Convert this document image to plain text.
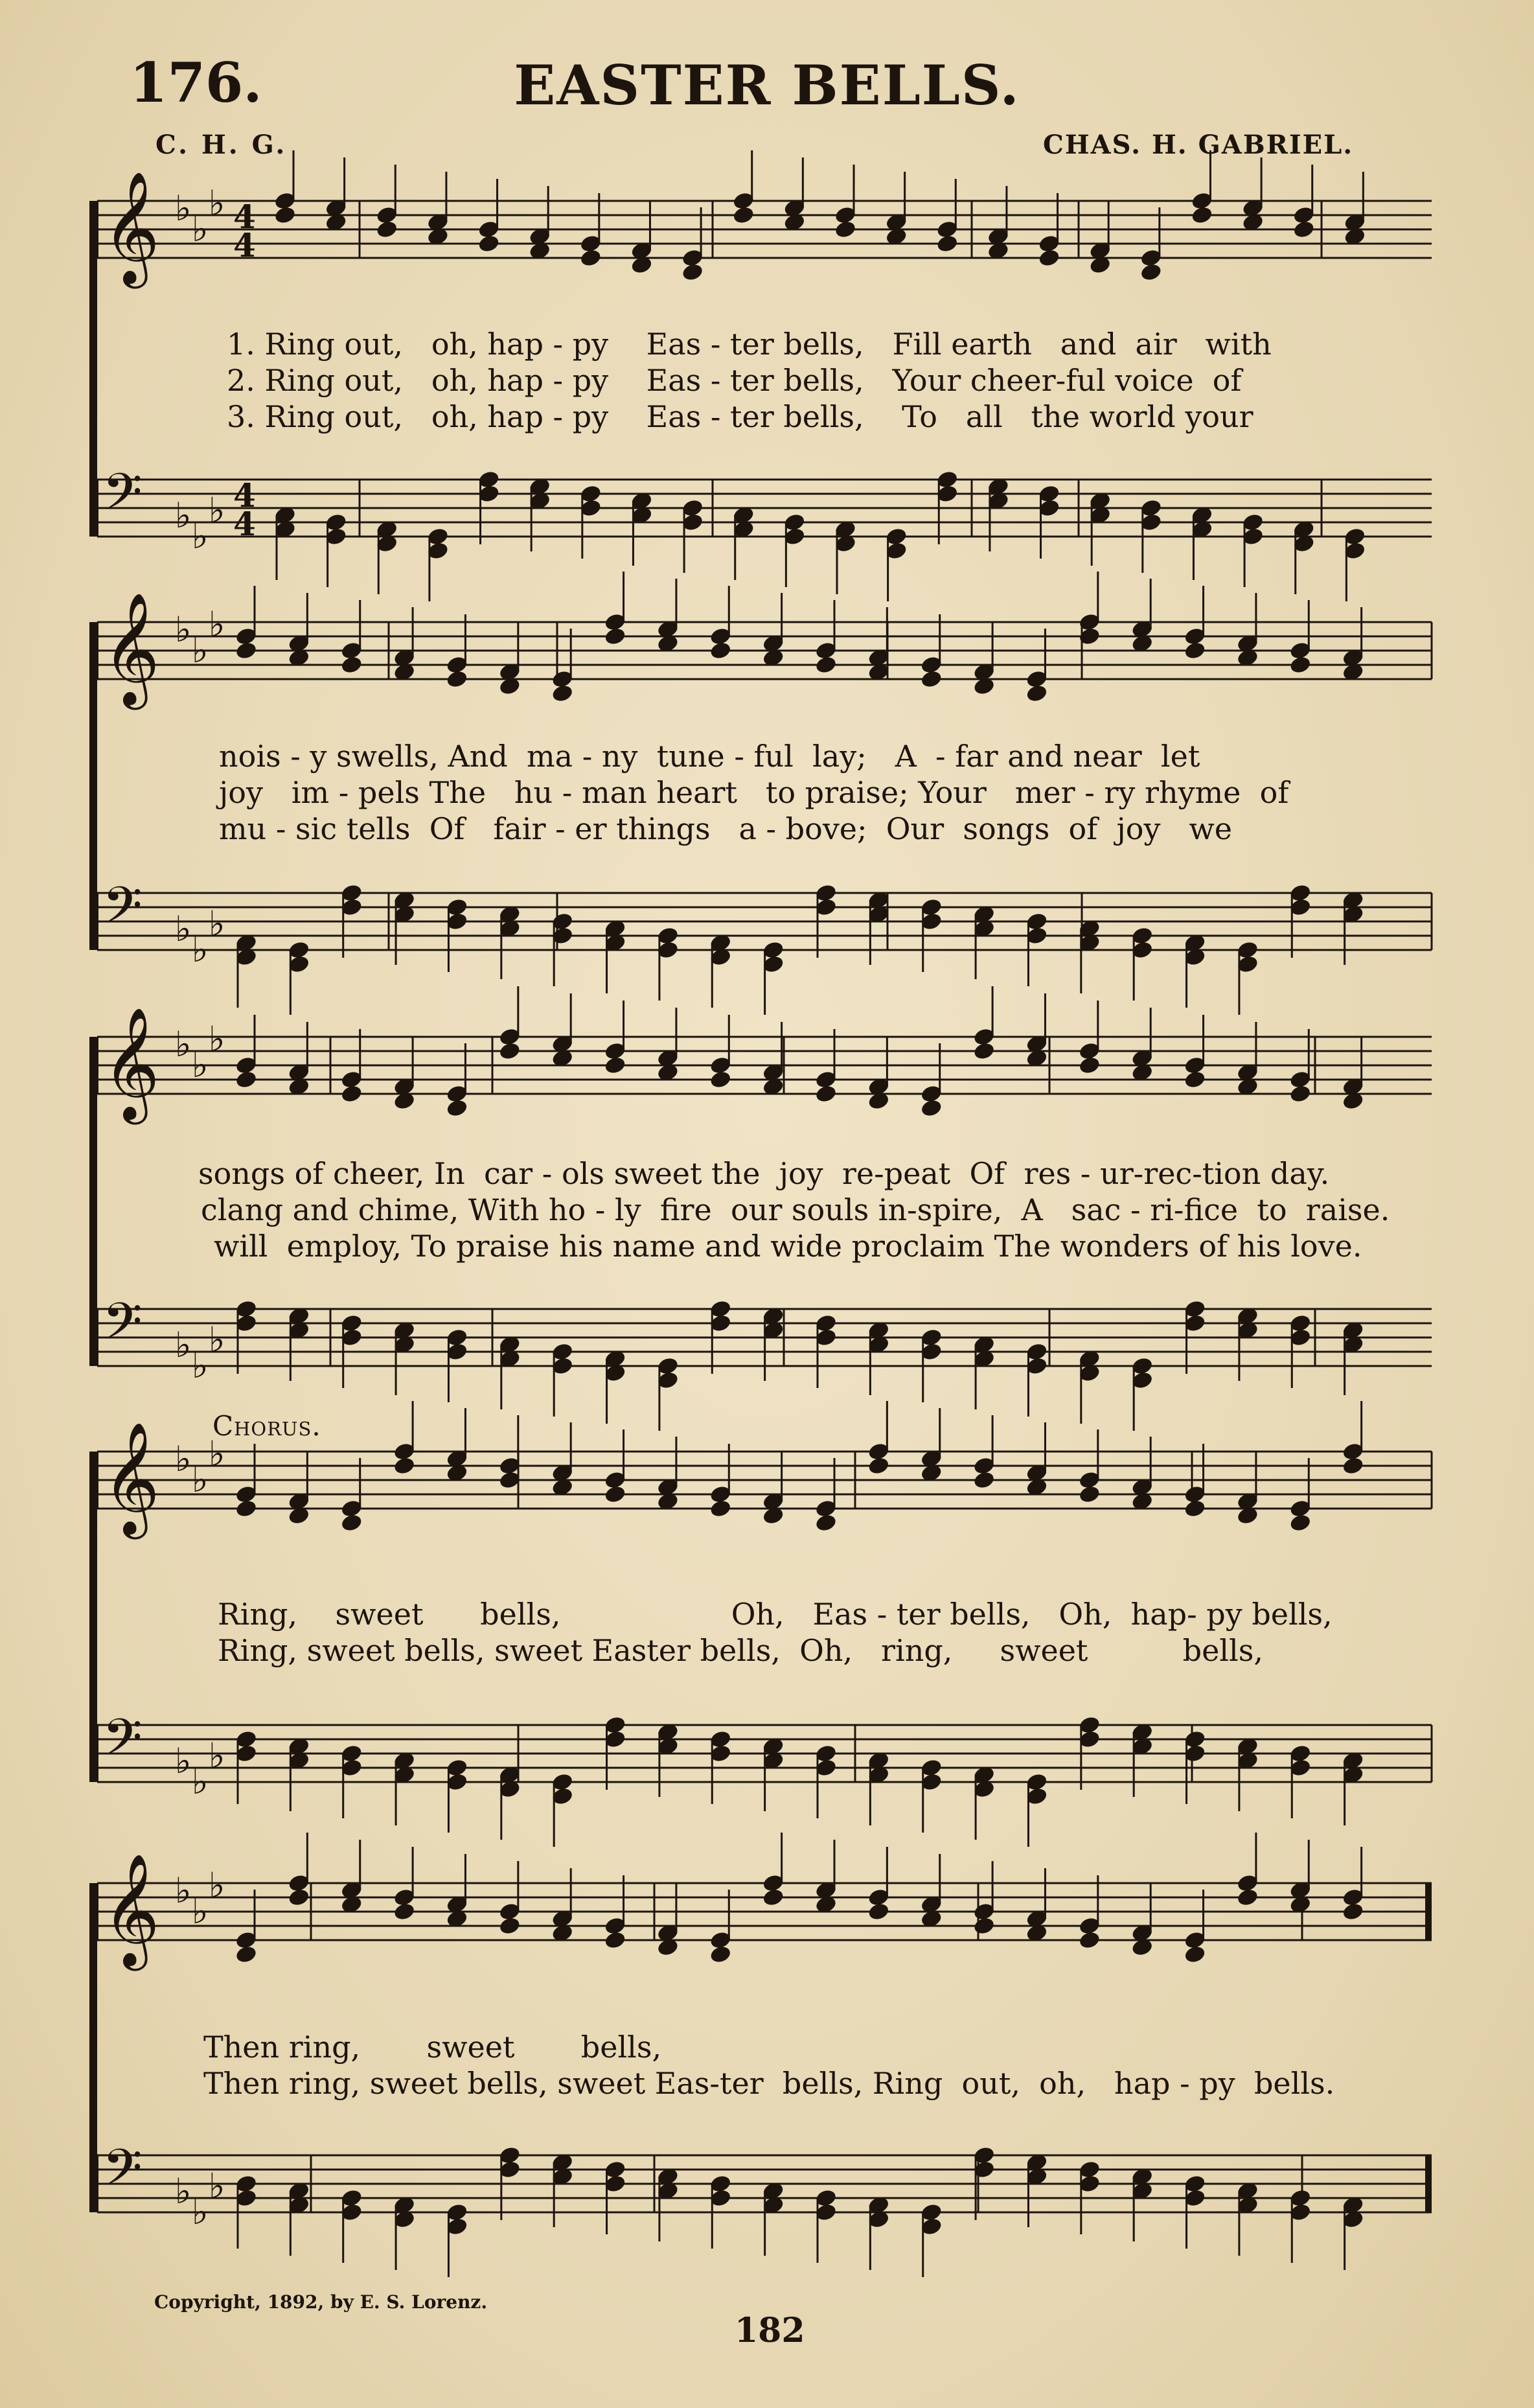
176.	EASTER BELLS.
C. H. G.	CHAS. H. GABRIEL.
𝄞 ♭
♭
♭ 4
4
𝄢 ♭
♭
♭ 4
4
𝄞 ♭
♭
♭
𝄢 ♭
♭
♭
𝄞 ♭
♭
♭
𝄢 ♭
♭
♭
𝄞 ♭
♭
♭
𝄢 ♭
♭
♭
𝄞 ♭
♭
♭
𝄢 ♭
♭
♭
1. Ring out,   oh, hap - py    Eas - ter bells,   Fill earth   and  air   with
2. Ring out,   oh, hap - py    Eas - ter bells,   Your cheer-ful voice  of
3. Ring out,   oh, hap - py    Eas - ter bells,    To   all   the world your
nois - y swells, And  ma - ny  tune - ful  lay;   A  - far and near  let
joy   im - pels The   hu - man heart   to praise; Your   mer - ry rhyme  of
mu - sic tells  Of   fair - er things   a - bove;  Our  songs  of  joy   we
songs of cheer, In  car - ols sweet the  joy  re-peat  Of  res - ur-rec-tion day.
clang and chime, With ho - ly  fire  our souls in-spire,  A   sac - ri-fice  to  raise.
will  employ, To praise his name and wide proclaim The wonders of his love.
Chorus.
Ring,    sweet      bells,                  Oh,   Eas - ter bells,   Oh,  hap- py bells,
Ring, sweet bells, sweet Easter bells,  Oh,   ring,     sweet          bells,
Then ring,       sweet       bells,
Then ring, sweet bells, sweet Eas-ter  bells, Ring  out,  oh,   hap - py  bells.
Copyright, 1892, by E. S. Lorenz.
182
